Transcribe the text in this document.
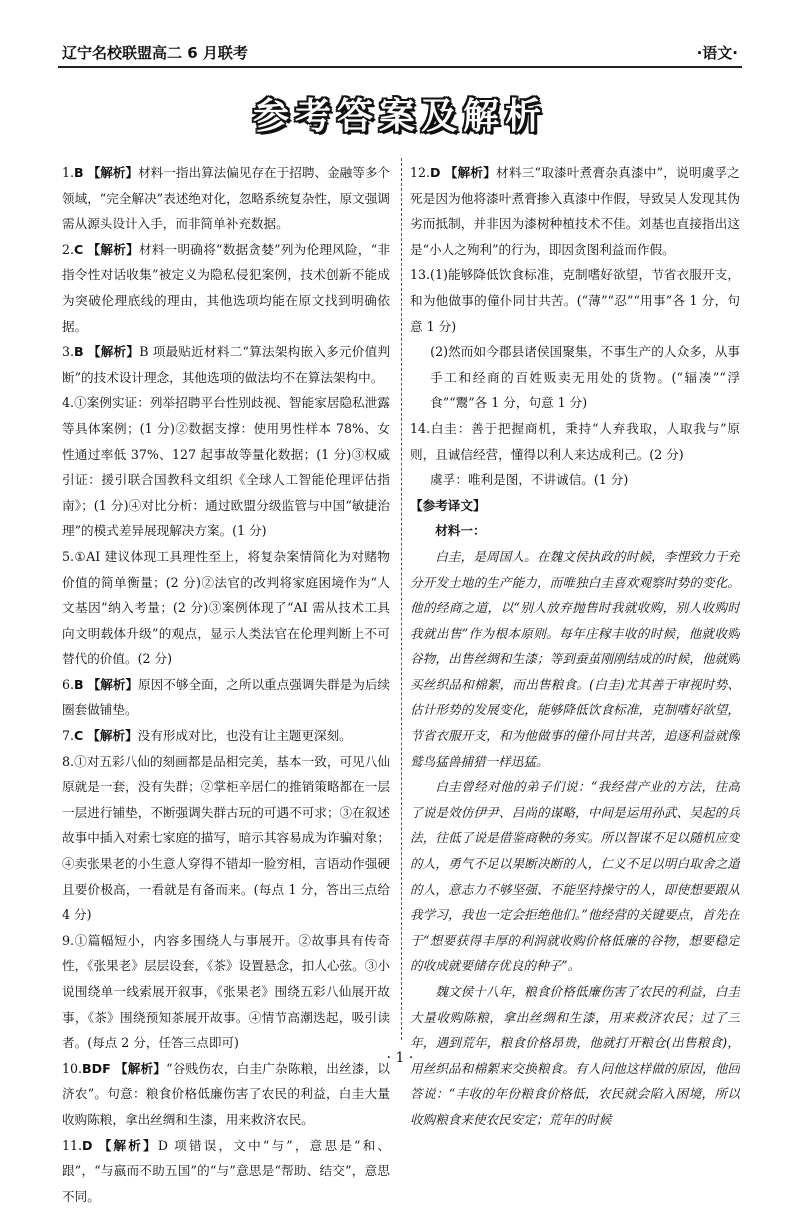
辽宁名校联盟高二 6 月联考	·语文·
参考答案及解析
1.B 【 解析 】 材料一指出算法偏见存在于招聘、金融等多个领域，“完全解决”表述绝对化，忽略系统复杂性，原文强调需从源头设计入手，而非简单补充数据。
2.C 【 解析 】 材料一明确将“数据贪婪”列为伦理风险，“非指令性对话收集”被定义为隐私侵犯案例，技术创新不能成为突破伦理底线的理由，其他选项均能在原文找到明确依据。
3.B 【 解析 】 B 项最贴近材料二“算法架构嵌入多元价值判断”的技术设计理念，其他选项的做法均不在算法架构中。
4.①案例实证：列举招聘平台性别歧视、智能家居隐私泄露等具体案例；(1 分)②数据支撑：使用男性样本 78%、女性通过率低 37%、127 起事故等量化数据；(1 分)③权威引证：援引联合国教科文组织《全球人工智能伦理评估指南》；(1 分)④对比分析：通过欧盟分级监管与中国“敏捷治理”的模式差异展现解决方案。(1 分)
5.①AI 建议体现工具理性至上，将复杂案情简化为对赌物价值的简单衡量；(2 分)②法官的改判将家庭困境作为“人文基因”纳入考量；(2 分)③案例体现了“AI 需从技术工具向文明载体升级”的观点，显示人类法官在伦理判断上不可替代的价值。(2 分)
6.B 【 解析 】 原因不够全面，之所以重点强调失群是为后续圈套做铺垫。
7.C 【 解析 】 没有形成对比，也没有让主题更深刻。
8.①对五彩八仙的刻画都是品相完美，基本一致，可见八仙原就是一套，没有失群；②掌柜辛居仁的推销策略都在一层一层进行铺垫，不断强调失群古玩的可遇不可求；③在叙述故事中插入对索七家庭的描写，暗示其容易成为诈骗对象；④卖张果老的小生意人穿得不错却一脸穷相，言语动作强硬且要价极高，一看就是有备而来。(每点 1 分，答出三点给 4 分)
9.①篇幅短小，内容多围绕人与事展开。②故事具有传奇性，《张果老》层层设套，《茶》设置悬念，扣人心弦。③小说围绕单一线索展开叙事，《张果老》围绕五彩八仙展开故事，《茶》围绕预知茶展开故事。④情节高潮迭起，吸引读者。(每点 2 分，任答三点即可)
10.BDF 【 解析 】 “谷贱伤农，白圭广杂陈粮，出丝漆，以济农”。句意：粮食价格低廉伤害了农民的利益，白圭大量收购陈粮，拿出丝绸和生漆，用来救济农民。
11.D 【 解析 】 D 项错误，文中“与”，意思是“和、跟”，“与嬴而不助五国”的“与”意思是“帮助、结交”，意思不同。
12.D 【 解析 】 材料三“取漆叶煮膏杂真漆中”，说明虞孚之死是因为他将漆叶煮膏掺入真漆中作假，导致吴人发现其伪劣而抵制，并非因为漆树种植技术不佳。刘基也直接指出这是“小人之殉利”的行为，即因贪图利益而作假。
13.(1)能够降低饮食标准，克制嗜好欲望，节省衣服开支，和为他做事的僮仆同甘共苦。(“薄”“忍”“用事”各 1 分，句意 1 分)
(2)然而如今郡县诸侯国聚集，不事生产的人众多，从事手工和经商的百姓贩卖无用处的货物。(“辐凑”“浮食”“鬻”各 1 分，句意 1 分)
14.白圭：善于把握商机，秉持“人弃我取，人取我与”原则，且诚信经营，懂得以利人来达成利己。(2 分)
虞孚：唯利是图，不讲诚信。(1 分)
【 参考译文 】
材料一：
白圭，是周国人。在魏文侯执政的时候，李悝致力于充分开发土地的生产能力，而唯独白圭喜欢观察时势的变化。他的经商之道，以“别人放弃抛售时我就收购，别人收购时我就出售”作为根本原则。每年庄稼丰收的时候，他就收购谷物，出售丝绸和生漆；等到蚕茧刚刚结成的时候，他就购买丝织品和棉絮，而出售粮食。(白圭)尤其善于审视时势、估计形势的发展变化，能够降低饮食标准，克制嗜好欲望，节省衣服开支，和为他做事的僮仆同甘共苦，追逐利益就像鹫鸟猛兽捕猎一样迅猛。
白圭曾经对他的弟子们说：“我经营产业的方法，往高了说是效仿伊尹、吕尚的谋略，中间是运用孙武、吴起的兵法，往低了说是借鉴商鞅的务实。所以智谋不足以随机应变的人，勇气不足以果断决断的人，仁义不足以明白取舍之道的人，意志力不够坚强、不能坚持操守的人，即使想要跟从我学习，我也一定会拒绝他们。”他经营的关键要点，首先在于“想要获得丰厚的利润就收购价格低廉的谷物，想要稳定的收成就要储存优良的种子”。
魏文侯十八年，粮食价格低廉伤害了农民的利益，白圭大量收购陈粮，拿出丝绸和生漆，用来救济农民；过了三年，遇到荒年，粮食价格昂贵，他就打开粮仓(出售粮食)，用丝织品和棉絮来交换粮食。有人问他这样做的原因，他回答说：“丰收的年份粮食价格低，农民就会陷入困境，所以收购粮食来使农民安定；荒年的时候
· 1 ·
